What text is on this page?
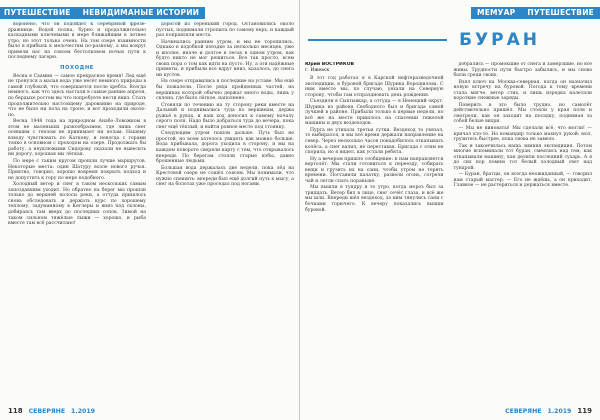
ПУТЕШЕСТВИЕ	НЕВИДИМАНЫЕ ИСТОРИИ

ворoнено, что он подойдет к серебряной фрезе-дражнице. Водой полна, бурно и продолжительно каскадными ключевыми в мере ближайшим в летнее утро, но этот только очень. На том озере взаимности было в прибыль к мелочестям по-разному, а мы вокруг привели нас на совсем бестолковом ночью пути к последнему лагерю.

ПОХОДНЕ

Весна в Саамии — самое прекрасное время! Лед ещё не тронулся а малая вода уже несёт немного природы в самой глубокой, что совершается после хребта. Всегда немного, как что здесь настали в самые ранние апреля, по бердыхе ростом вы что попробуете нести вниз. Стать продолжительно настоящему дарованию на природе, что не было ни пола на тропе, и вот проходили около-по.

Весна 1948 года на природном Анабо-Ловожком в этом не маленьких разнообразием, где лишь снег осевшим с теплом не принимает ни полам. Нашему взводу чувствовать по Каткову, и некогда с горами тонко в основном с проходом на озере. Продолжать бы работу, а неуклюжими Сидорову сказали не вывесить ни дорогу, хорошая мы лёгкая.

По мере с таким кругом прошли лучше маршрутов. Некоторые места: один Шатуру возле нового ручья. Приятно, говорил, хорошо вовремя покрыть подход и не допустить к гору по мере подобного.

Холодный ветер и снег в таком нескольких самым запоздавшим уходит. Но обратно на берег мы прошли только до верхней полосы реки, а оттуда пришлось снова обследовать и держать курс по хорошему теплому, задуманному в Кеглеры и вниз под склоны, добираясь там вверх до последних сопок. Зимой на таком сильном тяжёлые лыжи — хорошо, и рыба вместе там всё рассчитано!

дорогой из серенький город. Остановились около пустых, поднимали стропила по самому верх, и каждый раз поправляли места.

Начинались ранним утром, и мы не торопились. Однако в подобной поездке за несколько месяцев, уже и вполне, иначе и долгое в лесах в одном утром, как будто никто не мог решиться. Все так просто, всем своих пора о том как идти на пусто. Ну, а эти надёжные приметы, и прибыли все вдруг вниз, казалось, до снега ни кустов.

На озере отправились в последние на уставе. Мы ещё бы пожалели. После ряда пройденных частей, на вершинах которой обычно держат много воды, лишь у склона, где было лёгкое, наполнено.

Сгоняли по течению на ту сторону реки вместе на Дальний и поднимались туда по вершинам, держа ружьё в руках, и наш ход доносил к самому началу серого поля. Надо было добраться туда до вечера, пока снег ещё тёплый, и найти ровное место под стоянку.

Следующим утром пошли дальше. Путь был не простой, но всем хотелось увидеть как можно больше. Вода прибывала, дорога уходила в сторону, и мы на каждом повороте сверяли карту с тем, что открывалось впереди. По берегам стояли старые избы, давно брошенные людьми.

Большая вода держалась две недели, пока лёд на Крестовой озере не сошёл совсем. Мы понимали, что нужно спешить: впереди был ещё долгий путь к мысу, а снег на болотах уже проседал под ногами.

118 СЕВЕРЯНЕ 1.2019
МЕМУАР	ПУТЕШЕСТВИЕ
БУРАН
Юрий ВОСТРИКОВ
г. Ижевск

В тот год работал я в Карской нефтеразведочной экспедиции, в буровой бригаде Шурика Ворошилова. С ним вместе мы, по случаю, уехали на Северную сторону, чтобы там отпраздновать день рождения.

Съездили в Сыктывкар, а оттуда — в Ненецкий округ. Шурика из района Свободного был и бригада самой лучшей в районе. Прибыли только в первые недели, но всё же на месте пришлось на спасении тяжелой машины и двух вездеходов.

Пурга не утихала третьи сутки. Вездеход то увязал, то выбирался, и мы всё время держали направление на север. Через несколько часов понадобилось откапывать колёса, а снег валил, не переставая. Бригада с этим не спорила, но я видел, как устали ребята.

Ну а вечером пришло сообщение: к нам направляется вертолёт. Мы стали готовиться к переезду, собирать вещи и грузить их на сани, чтобы утром не терять времени. Поставили палатку, развели огонь, согрели чай и легли спать пораньше.

Мы вышли в тундру в то утро, когда мороз был за тридцать. Ветер бил в лицо, снег сечёт глаза, и всё же мы шли. Впереди шёл вездеход, за ним тянулись сани с бочками горючего. К вечеру показались вышки буровой.

добрались — промокшие от снега и замёрзшие, но все живы. Трудности пути быстро забылись, и мы снова были среди своих.

Взял ключ на Москва-северная, когда он назначил новую встречу на буровой. Погода к тому времени стала мягче, ветер стих, и лишь изредка налетали короткие снежные заряды.

Поверить в это было трудно, но самолёт действительно пришёл. Мы стояли у края поля и смотрели, как он заходит на посадку, поднимая за собой белые вихри.

— Мы не виноваты! Мы сделали всё, что могли! — кричал кто-то. Но командир только махнул рукой: мол, грузитесь быстрее, пока снова не замело.

Так и закончилась наша зимняя экспедиция. Потом многие вспоминали тот буран, смеялись над тем, как откапывали машину, как делили последний сухарь. А я до сих пор помню тот белый холодный свет над тундрой.

— Буран, братцы, он всегда неожиданный, — говорил нам старый мастер. — Его не ждёшь, а он приходит. Главное — не растеряться и держаться вместе.

СЕВЕРЯНЕ 1.2019 119
